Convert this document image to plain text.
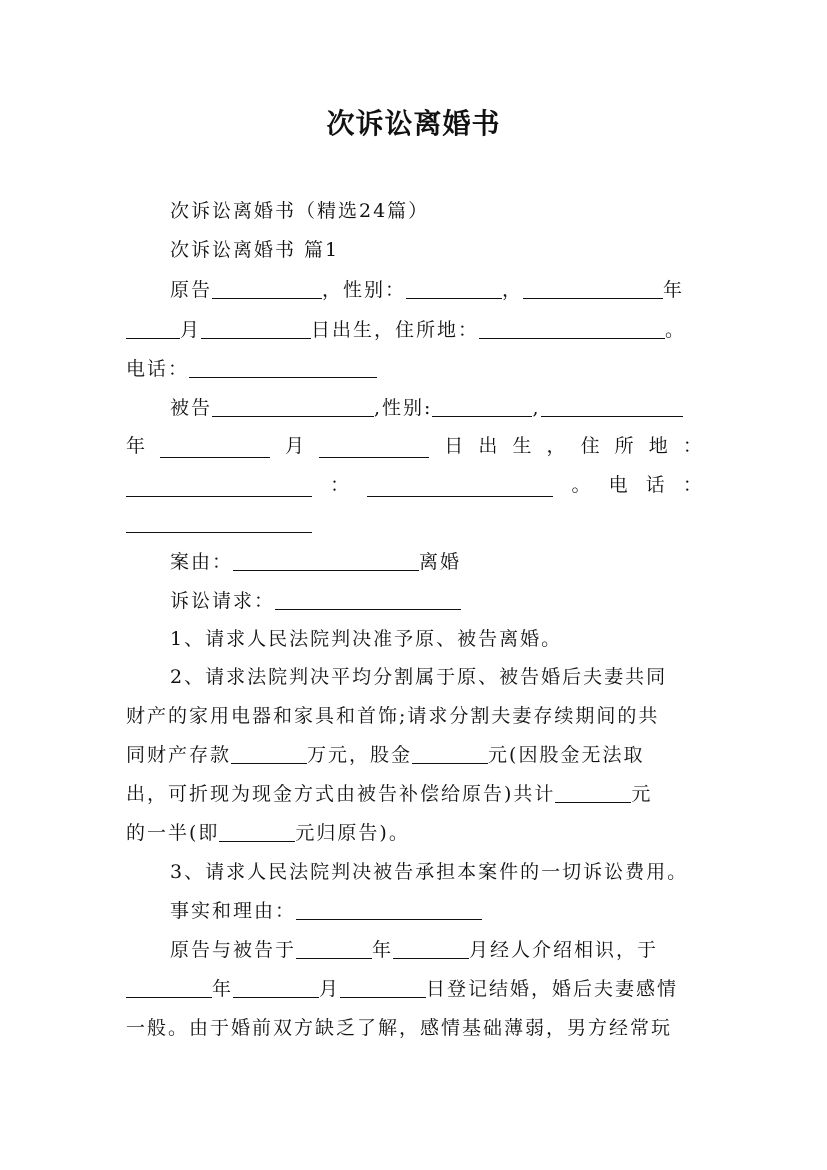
次诉讼离婚书
次诉讼离婚书（精选24篇）
次诉讼离婚书 篇1
原告	，性别：	，	年
月	日出生，住所地：	。
电话：
被告	,性别:	,
年	月	日 出 生 ， 住 所 地 ：
：	。 电 话 ：
案由：	离婚
诉讼请求：
1、请求人民法院判决准予原、被告离婚。
2、请求法院判决平均分割属于原、被告婚后夫妻共同
财产的家用电器和家具和首饰;请求分割夫妻存续期间的共
同财产存款	万元，股金	元(因股金无法取
出，可折现为现金方式由被告补偿给原告)共计	元
的一半(即	元归原告)。
3、请求人民法院判决被告承担本案件的一切诉讼费用。
事实和理由：
原告与被告于	年	月经人介绍相识，于
年	月	日登记结婚，婚后夫妻感情
一般。由于婚前双方缺乏了解，感情基础薄弱，男方经常玩
